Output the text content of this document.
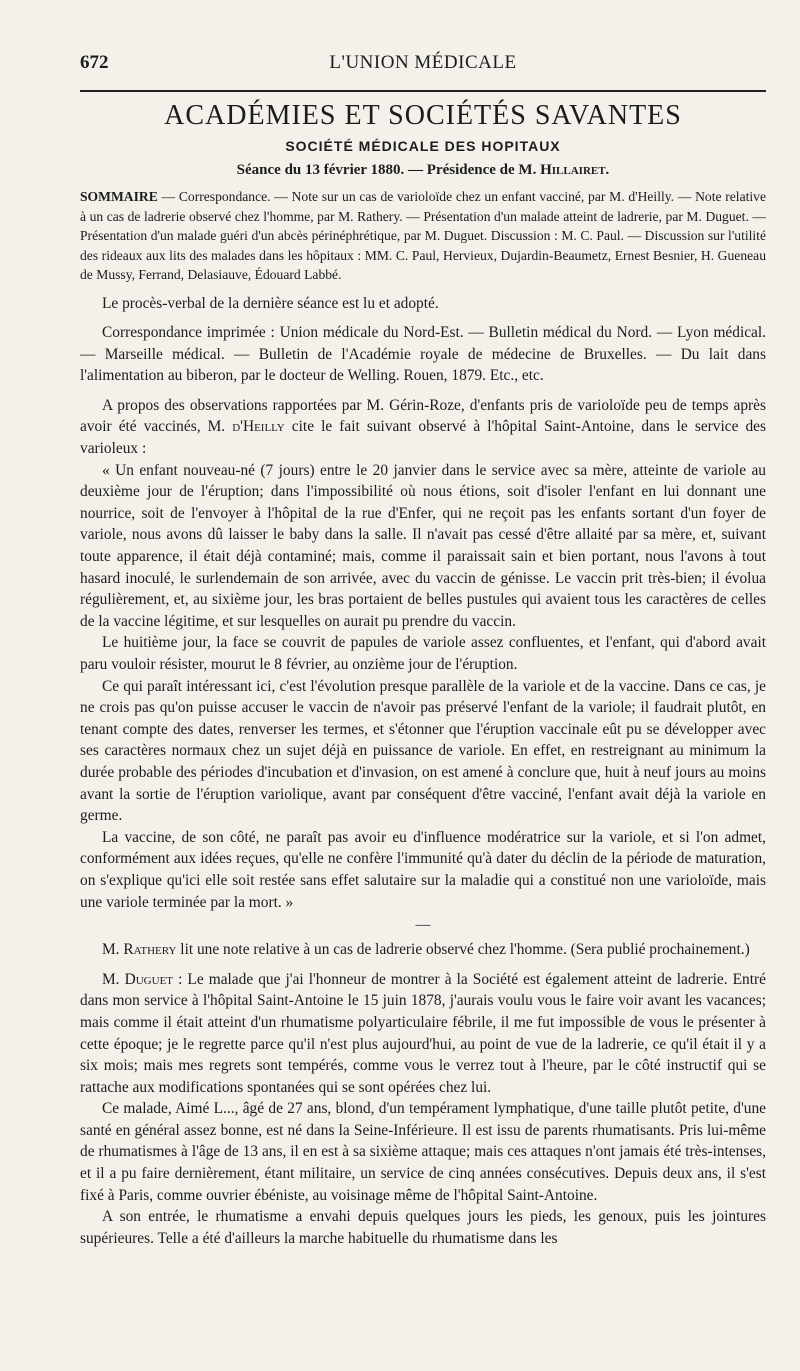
672	L'UNION MÉDICALE
ACADÉMIES ET SOCIÉTÉS SAVANTES
SOCIÉTÉ MÉDICALE DES HOPITAUX
Séance du 13 février 1880. — Présidence de M. Hillairet.

SOMMAIRE — Correspondance. — Note sur un cas de varioloïde chez un enfant vacciné, par M. d'Heilly. — Note relative à un cas de ladrerie observé chez l'homme, par M. Rathery. — Présentation d'un malade atteint de ladrerie, par M. Duguet. — Présentation d'un malade guéri d'un abcès périnéphrétique, par M. Duguet. Discussion : M. C. Paul. — Discussion sur l'utilité des rideaux aux lits des malades dans les hôpitaux : MM. C. Paul, Hervieux, Dujardin-Beaumetz, Ernest Besnier, H. Gueneau de Mussy, Ferrand, Delasiauve, Édouard Labbé.

Le procès-verbal de la dernière séance est lu et adopté.

Correspondance imprimée : Union médicale du Nord-Est. — Bulletin médical du Nord. — Lyon médical. — Marseille médical. — Bulletin de l'Académie royale de médecine de Bruxelles. — Du lait dans l'alimentation au biberon, par le docteur de Welling. Rouen, 1879. Etc., etc.

A propos des observations rapportées par M. Gérin-Roze, d'enfants pris de varioloïde peu de temps après avoir été vaccinés, M. d'Heilly cite le fait suivant observé à l'hôpital Saint-Antoine, dans le service des varioleux :

« Un enfant nouveau-né (7 jours) entre le 20 janvier dans le service avec sa mère, atteinte de variole au deuxième jour de l'éruption; dans l'impossibilité où nous étions, soit d'isoler l'enfant en lui donnant une nourrice, soit de l'envoyer à l'hôpital de la rue d'Enfer, qui ne reçoit pas les enfants sortant d'un foyer de variole, nous avons dû laisser le baby dans la salle. Il n'avait pas cessé d'être allaité par sa mère, et, suivant toute apparence, il était déjà contaminé; mais, comme il paraissait sain et bien portant, nous l'avons à tout hasard inoculé, le surlendemain de son arrivée, avec du vaccin de génisse. Le vaccin prit très-bien; il évolua régulièrement, et, au sixième jour, les bras portaient de belles pustules qui avaient tous les caractères de celles de la vaccine légitime, et sur lesquelles on aurait pu prendre du vaccin.

Le huitième jour, la face se couvrit de papules de variole assez confluentes, et l'enfant, qui d'abord avait paru vouloir résister, mourut le 8 février, au onzième jour de l'éruption.

Ce qui paraît intéressant ici, c'est l'évolution presque parallèle de la variole et de la vaccine. Dans ce cas, je ne crois pas qu'on puisse accuser le vaccin de n'avoir pas préservé l'enfant de la variole; il faudrait plutôt, en tenant compte des dates, renverser les termes, et s'étonner que l'éruption vaccinale eût pu se développer avec ses caractères normaux chez un sujet déjà en puissance de variole. En effet, en restreignant au minimum la durée probable des périodes d'incubation et d'invasion, on est amené à conclure que, huit à neuf jours au moins avant la sortie de l'éruption variolique, avant par conséquent d'être vacciné, l'enfant avait déjà la variole en germe.

La vaccine, de son côté, ne paraît pas avoir eu d'influence modératrice sur la variole, et si l'on admet, conformément aux idées reçues, qu'elle ne confère l'immunité qu'à dater du déclin de la période de maturation, on s'explique qu'ici elle soit restée sans effet salutaire sur la maladie qui a constitué non une varioloïde, mais une variole terminée par la mort. »

—

M. Rathery lit une note relative à un cas de ladrerie observé chez l'homme. (Sera publié prochainement.)

M. Duguet : Le malade que j'ai l'honneur de montrer à la Société est également atteint de ladrerie. Entré dans mon service à l'hôpital Saint-Antoine le 15 juin 1878, j'aurais voulu vous le faire voir avant les vacances; mais comme il était atteint d'un rhumatisme polyarticulaire fébrile, il me fut impossible de vous le présenter à cette époque; je le regrette parce qu'il n'est plus aujourd'hui, au point de vue de la ladrerie, ce qu'il était il y a six mois; mais mes regrets sont tempérés, comme vous le verrez tout à l'heure, par le côté instructif qui se rattache aux modifications spontanées qui se sont opérées chez lui.

Ce malade, Aimé L..., âgé de 27 ans, blond, d'un tempérament lymphatique, d'une taille plutôt petite, d'une santé en général assez bonne, est né dans la Seine-Inférieure. Il est issu de parents rhumatisants. Pris lui-même de rhumatismes à l'âge de 13 ans, il en est à sa sixième attaque; mais ces attaques n'ont jamais été très-intenses, et il a pu faire dernièrement, étant militaire, un service de cinq années consécutives. Depuis deux ans, il s'est fixé à Paris, comme ouvrier ébéniste, au voisinage même de l'hôpital Saint-Antoine.

A son entrée, le rhumatisme a envahi depuis quelques jours les pieds, les genoux, puis les jointures supérieures. Telle a été d'ailleurs la marche habituelle du rhumatisme dans les
